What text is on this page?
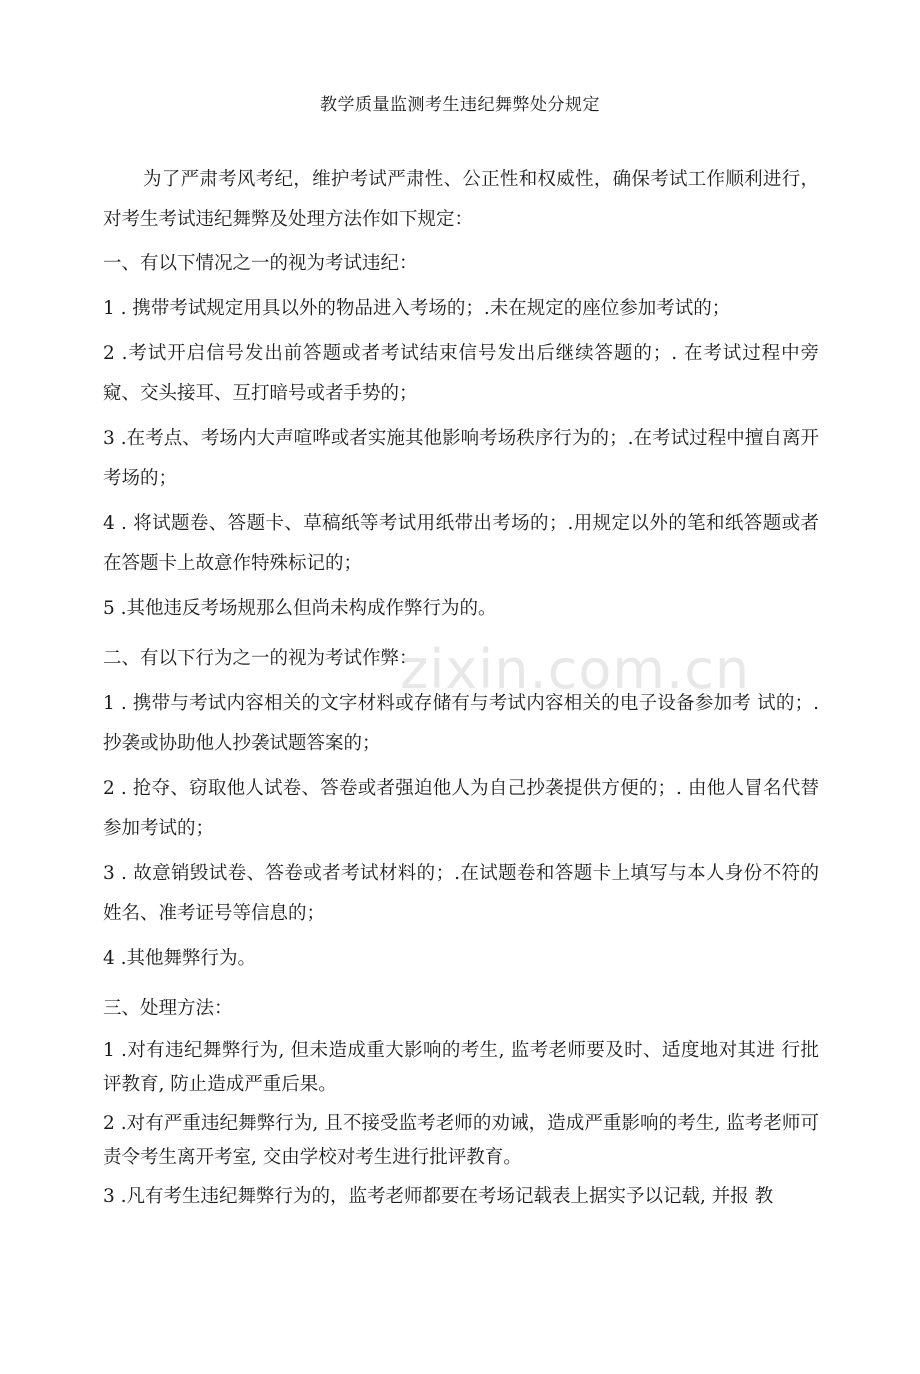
教学质量监测考生违纪舞弊处分规定

为了严肃考风考纪，维护考试严肃性、公正性和权威性，确保考试工作顺利进行，对考生考试违纪舞弊及处理方法作如下规定：

一、有以下情况之一的视为考试违纪：

1 . 携带考试规定用具以外的物品进入考场的；.未在规定的座位参加考试的；

2 .考试开启信号发出前答题或者考试结束信号发出后继续答题的；. 在考试过程中旁窥、交头接耳、互打暗号或者手势的；

3 .在考点、考场内大声喧哗或者实施其他影响考场秩序行为的；.在考试过程中擅自离开考场的；

4 . 将试题卷、答题卡、草稿纸等考试用纸带出考场的；.用规定以外的笔和纸答题或者在答题卡上故意作特殊标记的；

5 .其他违反考场规那么但尚未构成作弊行为的。

二、有以下行为之一的视为考试作弊：

1 . 携带与考试内容相关的文字材料或存储有与考试内容相关的电子设备参加考 试的；.抄袭或协助他人抄袭试题答案的；

2 . 抢夺、窃取他人试卷、答卷或者强迫他人为自己抄袭提供方便的；. 由他人冒名代替参加考试的；

3 . 故意销毁试卷、答卷或者考试材料的；.在试题卷和答题卡上填写与本人身份不符的姓名、准考证号等信息的；

4 .其他舞弊行为。

三、处理方法：

1 .对有违纪舞弊行为, 但未造成重大影响的考生, 监考老师要及时、适度地对其进 行批评教育, 防止造成严重后果。

2 .对有严重违纪舞弊行为, 且不接受监考老师的劝诫，造成严重影响的考生, 监考老师可责令考生离开考室, 交由学校对考生进行批评教育。

3 .凡有考生违纪舞弊行为的，监考老师都要在考场记载表上据实予以记载, 并报 教

zixin.com.cn
